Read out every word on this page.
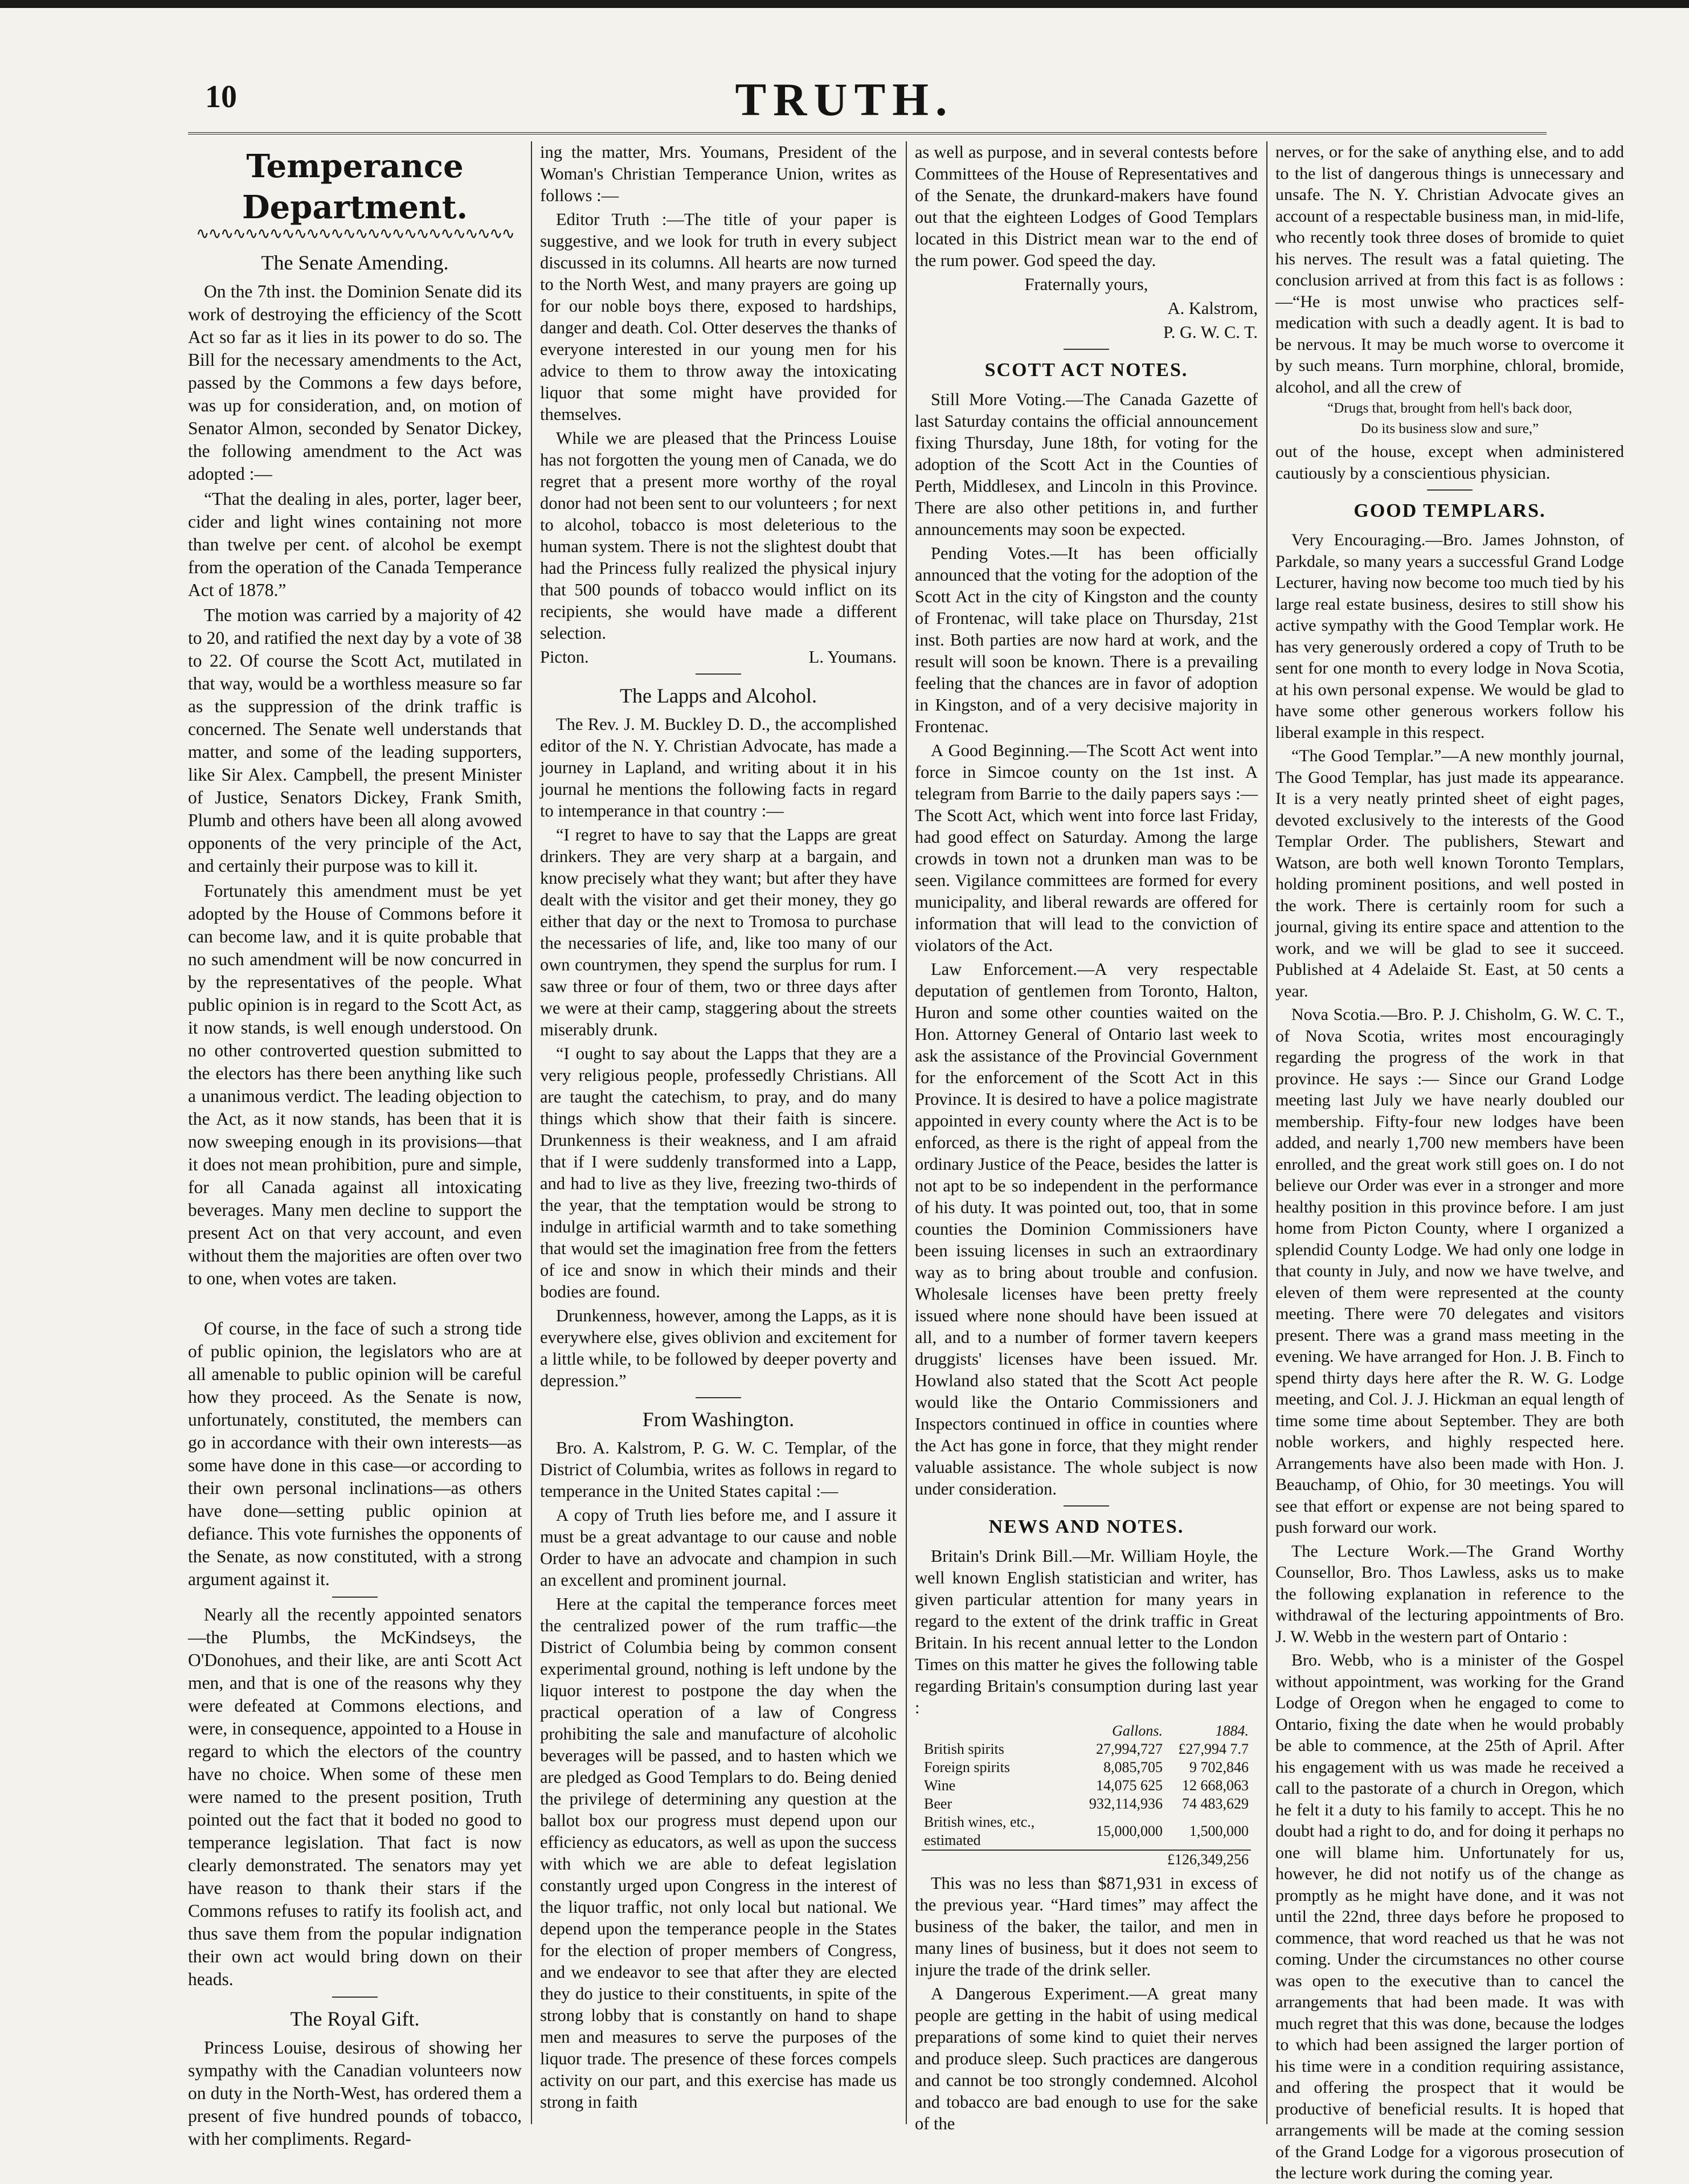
10	TRUTH.
Temperance Department.
∿∿∿∿∿∿∿∿∿∿∿∿∿∿∿∿∿∿∿∿∿∿∿∿∿∿
The Senate Amending.

On the 7th inst. the Dominion Senate did its work of destroying the efficiency of the Scott Act so far as it lies in its power to do so. The Bill for the necessary amendments to the Act, passed by the Commons a few days before, was up for consideration, and, on motion of Senator Almon, seconded by Senator Dickey, the following amendment to the Act was adopted :—

“That the dealing in ales, porter, lager beer, cider and light wines containing not more than twelve per cent. of alcohol be exempt from the operation of the Canada Temperance Act of 1878.”

The motion was carried by a majority of 42 to 20, and ratified the next day by a vote of 38 to 22. Of course the Scott Act, mutilated in that way, would be a worthless measure so far as the suppression of the drink traffic is concerned. The Senate well understands that matter, and some of the leading supporters, like Sir Alex. Campbell, the present Minister of Justice, Senators Dickey, Frank Smith, Plumb and others have been all along avowed opponents of the very principle of the Act, and certainly their purpose was to kill it.

Fortunately this amendment must be yet adopted by the House of Commons before it can become law, and it is quite probable that no such amendment will be now concurred in by the representatives of the people. What public opinion is in regard to the Scott Act, as it now stands, is well enough understood. On no other controverted question submitted to the electors has there been anything like such a unanimous verdict. The leading objection to the Act, as it now stands, has been that it is now sweeping enough in its provisions—that it does not mean prohibition, pure and simple, for all Canada against all intoxicating beverages. Many men decline to support the present Act on that very account, and even without them the majorities are often over two to one, when votes are taken.

Of course, in the face of such a strong tide of public opinion, the legislators who are at all amenable to public opinion will be careful how they proceed. As the Senate is now, unfortunately, constituted, the members can go in accordance with their own interests—as some have done in this case—or according to their own personal inclinations—as others have done—setting public opinion at defiance. This vote furnishes the opponents of the Senate, as now constituted, with a strong argument against it.

Nearly all the recently appointed senators —the Plumbs, the McKindseys, the O'Donohues, and their like, are anti Scott Act men, and that is one of the reasons why they were defeated at Commons elections, and were, in consequence, appointed to a House in regard to which the electors of the country have no choice. When some of these men were named to the present position, Truth pointed out the fact that it boded no good to temperance legislation. That fact is now clearly demonstrated. The senators may yet have reason to thank their stars if the Commons refuses to ratify its foolish act, and thus save them from the popular indignation their own act would bring down on their heads.

The Royal Gift.

Princess Louise, desirous of showing her sympathy with the Canadian volunteers now on duty in the North-West, has ordered them a present of five hundred pounds of tobacco, with her compliments. Regard-

ing the matter, Mrs. Youmans, President of the Woman's Christian Temperance Union, writes as follows :—

Editor Truth :—The title of your paper is suggestive, and we look for truth in every subject discussed in its columns. All hearts are now turned to the North West, and many prayers are going up for our noble boys there, exposed to hardships, danger and death. Col. Otter deserves the thanks of everyone interested in our young men for his advice to them to throw away the intoxicating liquor that some might have provided for themselves.

While we are pleased that the Princess Louise has not forgotten the young men of Canada, we do regret that a present more worthy of the royal donor had not been sent to our volunteers ; for next to alcohol, tobacco is most deleterious to the human system. There is not the slightest doubt that had the Princess fully realized the physical injury that 500 pounds of tobacco would inflict on its recipients, she would have made a different selection.

Picton.	L. Youmans.

The Lapps and Alcohol.

The Rev. J. M. Buckley D. D., the accomplished editor of the N. Y. Christian Advocate, has made a journey in Lapland, and writing about it in his journal he mentions the following facts in regard to intemperance in that country :—

“I regret to have to say that the Lapps are great drinkers. They are very sharp at a bargain, and know precisely what they want; but after they have dealt with the visitor and get their money, they go either that day or the next to Tromosa to purchase the necessaries of life, and, like too many of our own countrymen, they spend the surplus for rum. I saw three or four of them, two or three days after we were at their camp, staggering about the streets miserably drunk.

“I ought to say about the Lapps that they are a very religious people, professedly Christians. All are taught the catechism, to pray, and do many things which show that their faith is sincere. Drunkenness is their weakness, and I am afraid that if I were suddenly transformed into a Lapp, and had to live as they live, freezing two-thirds of the year, that the temptation would be strong to indulge in artificial warmth and to take something that would set the imagination free from the fetters of ice and snow in which their minds and their bodies are found.

Drunkenness, however, among the Lapps, as it is everywhere else, gives oblivion and excitement for a little while, to be followed by deeper poverty and depression.”

From Washington.

Bro. A. Kalstrom, P. G. W. C. Templar, of the District of Columbia, writes as follows in regard to temperance in the United States capital :—

A copy of Truth lies before me, and I assure it must be a great advantage to our cause and noble Order to have an advocate and champion in such an excellent and prominent journal.

Here at the capital the temperance forces meet the centralized power of the rum traffic—the District of Columbia being by common consent experimental ground, nothing is left undone by the liquor interest to postpone the day when the practical operation of a law of Congress prohibiting the sale and manufacture of alcoholic beverages will be passed, and to hasten which we are pledged as Good Templars to do. Being denied the privilege of determining any question at the ballot box our progress must depend upon our efficiency as educators, as well as upon the success with which we are able to defeat legislation constantly urged upon Congress in the interest of the liquor traffic, not only local but national. We depend upon the temperance people in the States for the election of proper members of Congress, and we endeavor to see that after they are elected they do justice to their constituents, in spite of the strong lobby that is constantly on hand to shape men and measures to serve the purposes of the liquor trade. The presence of these forces compels activity on our part, and this exercise has made us strong in faith

as well as purpose, and in several contests before Committees of the House of Representatives and of the Senate, the drunkard-makers have found out that the eighteen Lodges of Good Templars located in this District mean war to the end of the rum power. God speed the day.

Fraternally yours,

A. Kalstrom,

P. G. W. C. T.

SCOTT ACT NOTES.

Still More Voting.—The Canada Gazette of last Saturday contains the official announcement fixing Thursday, June 18th, for voting for the adoption of the Scott Act in the Counties of Perth, Middlesex, and Lincoln in this Province. There are also other petitions in, and further announcements may soon be expected.

Pending Votes.—It has been officially announced that the voting for the adoption of the Scott Act in the city of Kingston and the county of Frontenac, will take place on Thursday, 21st inst. Both parties are now hard at work, and the result will soon be known. There is a prevailing feeling that the chances are in favor of adoption in Kingston, and of a very decisive majority in Frontenac.

A Good Beginning.—The Scott Act went into force in Simcoe county on the 1st inst. A telegram from Barrie to the daily papers says :—The Scott Act, which went into force last Friday, had good effect on Saturday. Among the large crowds in town not a drunken man was to be seen. Vigilance committees are formed for every municipality, and liberal rewards are offered for information that will lead to the conviction of violators of the Act.

Law Enforcement.—A very respectable deputation of gentlemen from Toronto, Halton, Huron and some other counties waited on the Hon. Attorney General of Ontario last week to ask the assistance of the Provincial Government for the enforcement of the Scott Act in this Province. It is desired to have a police magistrate appointed in every county where the Act is to be enforced, as there is the right of appeal from the ordinary Justice of the Peace, besides the latter is not apt to be so independent in the performance of his duty. It was pointed out, too, that in some counties the Dominion Commissioners have been issuing licenses in such an extraordinary way as to bring about trouble and confusion. Wholesale licenses have been pretty freely issued where none should have been issued at all, and to a number of former tavern keepers druggists' licenses have been issued. Mr. Howland also stated that the Scott Act people would like the Ontario Commissioners and Inspectors continued in office in counties where the Act has gone in force, that they might render valuable assistance. The whole subject is now under consideration.

NEWS AND NOTES.

Britain's Drink Bill.—Mr. William Hoyle, the well known English statistician and writer, has given particular attention for many years in regard to the extent of the drink traffic in Great Britain. In his recent annual letter to the London Times on this matter he gives the following table regarding Britain's consumption during last year :

	Gallons.	1884.
British spirits	27,994,727	£27,994 7.7
Foreign spirits	8,085,705	9 702,846
Wine	14,075 625	12 668,063
Beer	932,114,936	74 483,629
British wines, etc., estimated	15,000,000	1,500,000
		£126,349,256

This was no less than $871,931 in excess of the previous year. “Hard times” may affect the business of the baker, the tailor, and men in many lines of business, but it does not seem to injure the trade of the drink seller.

A Dangerous Experiment.—A great many people are getting in the habit of using medical preparations of some kind to quiet their nerves and produce sleep. Such practices are dangerous and cannot be too strongly condemned. Alcohol and tobacco are bad enough to use for the sake of the

nerves, or for the sake of anything else, and to add to the list of dangerous things is unnecessary and unsafe. The N. Y. Christian Advocate gives an account of a respectable business man, in mid-life, who recently took three doses of bromide to quiet his nerves. The result was a fatal quieting. The conclusion arrived at from this fact is as follows :—“He is most unwise who practices self-medication with such a deadly agent. It is bad to be nervous. It may be much worse to overcome it by such means. Turn morphine, chloral, bromide, alcohol, and all the crew of

“Drugs that, brought from hell's back door,
Do its business slow and sure,”

out of the house, except when administered cautiously by a conscientious physician.

GOOD TEMPLARS.

Very Encouraging.—Bro. James Johnston, of Parkdale, so many years a successful Grand Lodge Lecturer, having now become too much tied by his large real estate business, desires to still show his active sympathy with the Good Templar work. He has very generously ordered a copy of Truth to be sent for one month to every lodge in Nova Scotia, at his own personal expense. We would be glad to have some other generous workers follow his liberal example in this respect.

“The Good Templar.”—A new monthly journal, The Good Templar, has just made its appearance. It is a very neatly printed sheet of eight pages, devoted exclusively to the interests of the Good Templar Order. The publishers, Stewart and Watson, are both well known Toronto Templars, holding prominent positions, and well posted in the work. There is certainly room for such a journal, giving its entire space and attention to the work, and we will be glad to see it succeed. Published at 4 Adelaide St. East, at 50 cents a year.

Nova Scotia.—Bro. P. J. Chisholm, G. W. C. T., of Nova Scotia, writes most encouragingly regarding the progress of the work in that province. He says :— Since our Grand Lodge meeting last July we have nearly doubled our membership. Fifty-four new lodges have been added, and nearly 1,700 new members have been enrolled, and the great work still goes on. I do not believe our Order was ever in a stronger and more healthy position in this province before. I am just home from Picton County, where I organized a splendid County Lodge. We had only one lodge in that county in July, and now we have twelve, and eleven of them were represented at the county meeting. There were 70 delegates and visitors present. There was a grand mass meeting in the evening. We have arranged for Hon. J. B. Finch to spend thirty days here after the R. W. G. Lodge meeting, and Col. J. J. Hickman an equal length of time some time about September. They are both noble workers, and highly respected here. Arrangements have also been made with Hon. J. Beauchamp, of Ohio, for 30 meetings. You will see that effort or expense are not being spared to push forward our work.

The Lecture Work.—The Grand Worthy Counsellor, Bro. Thos Lawless, asks us to make the following explanation in reference to the withdrawal of the lecturing appointments of Bro. J. W. Webb in the western part of Ontario :

Bro. Webb, who is a minister of the Gospel without appointment, was working for the Grand Lodge of Oregon when he engaged to come to Ontario, fixing the date when he would probably be able to commence, at the 25th of April. After his engagement with us was made he received a call to the pastorate of a church in Oregon, which he felt it a duty to his family to accept. This he no doubt had a right to do, and for doing it perhaps no one will blame him. Unfortunately for us, however, he did not notify us of the change as promptly as he might have done, and it was not until the 22nd, three days before he proposed to commence, that word reached us that he was not coming. Under the circumstances no other course was open to the executive than to cancel the arrangements that had been made. It was with much regret that this was done, because the lodges to which had been assigned the larger portion of his time were in a condition requiring assistance, and offering the prospect that it would be productive of beneficial results. It is hoped that arrangements will be made at the coming session of the Grand Lodge for a vigorous prosecution of the lecture work during the coming year.
